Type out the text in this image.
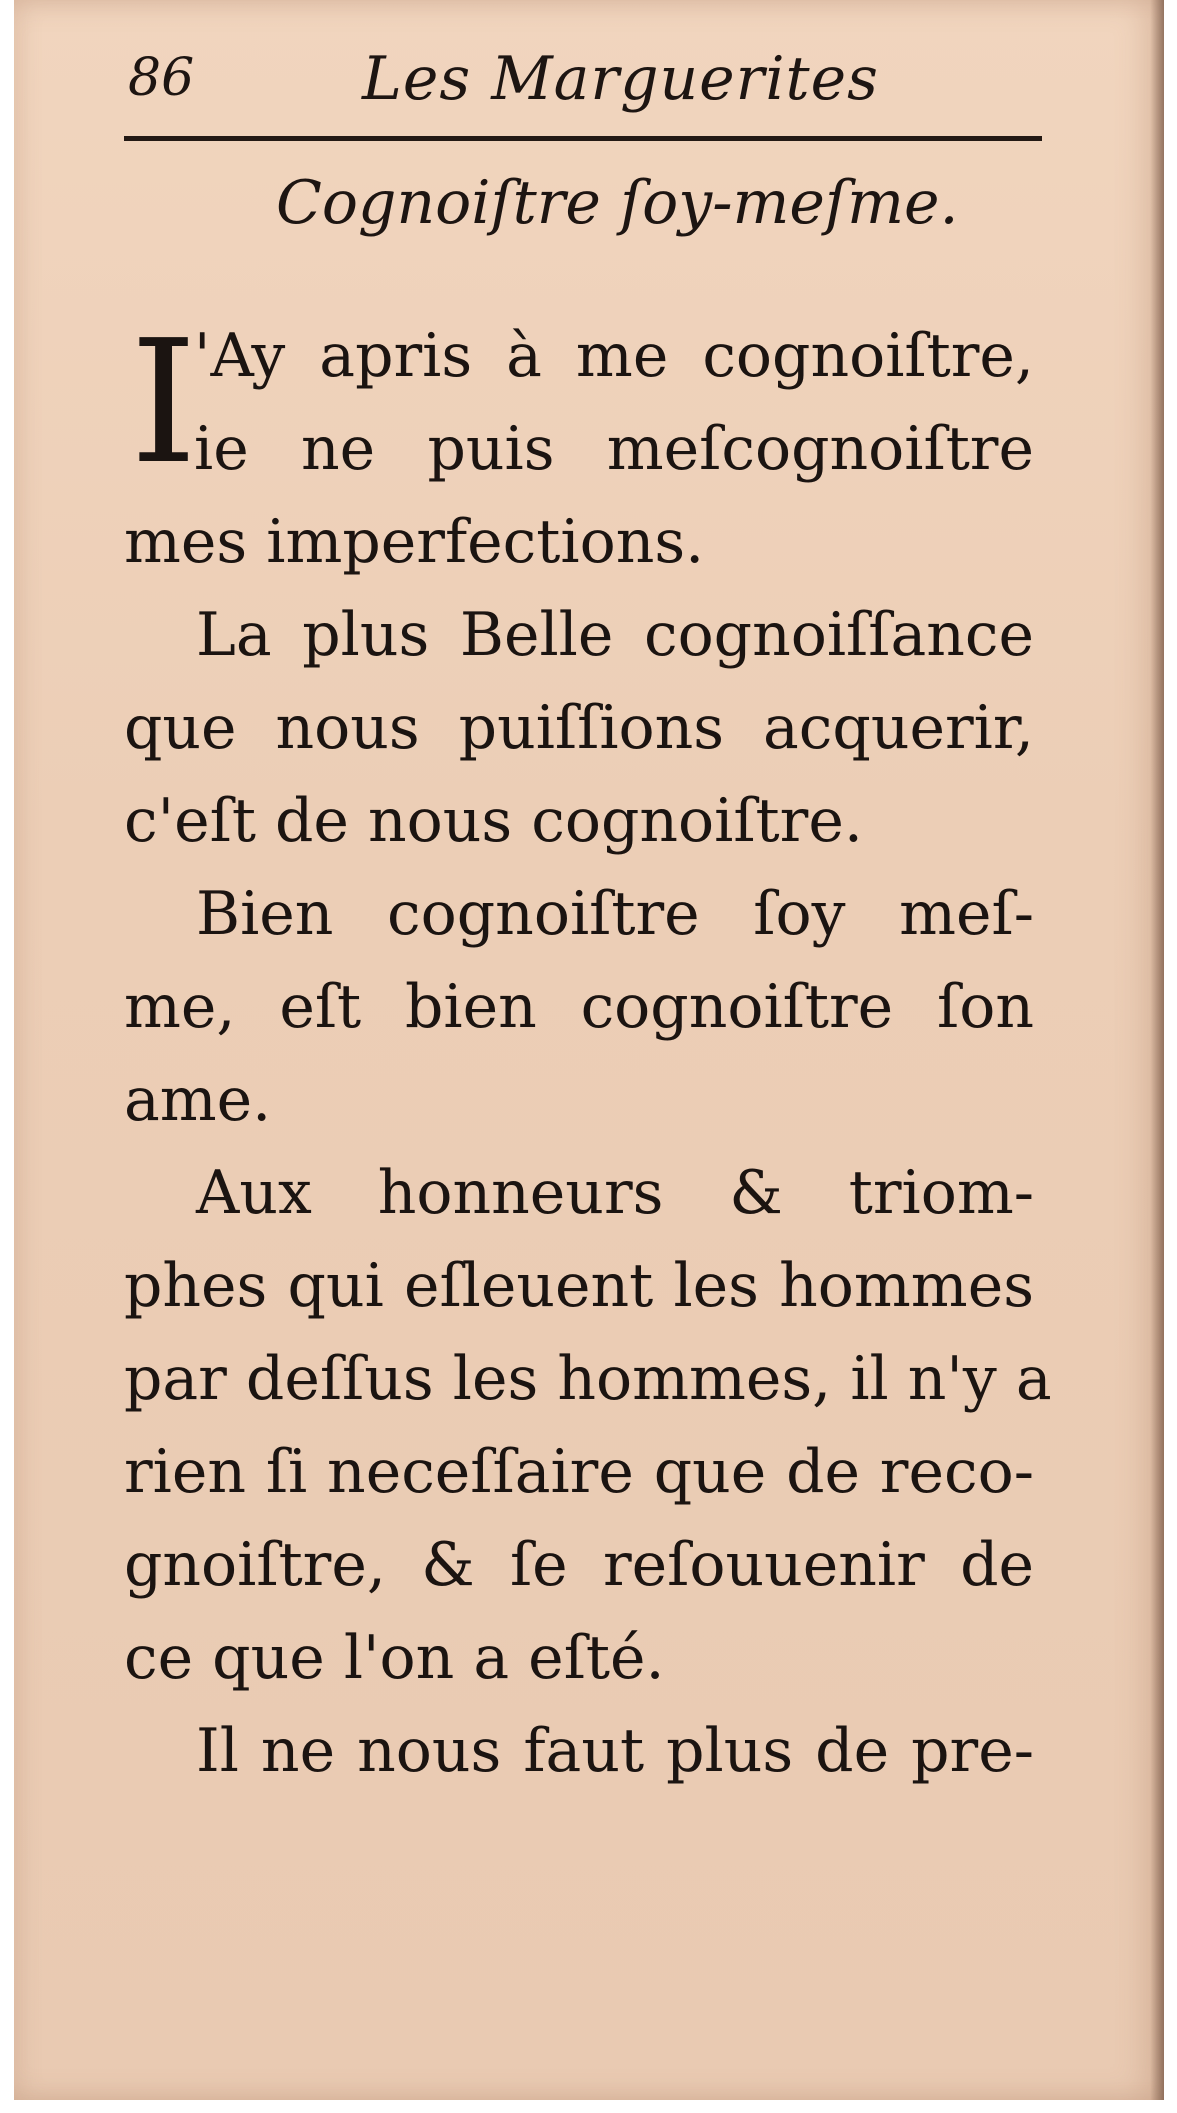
86	Les Marguerites
Cognoiſtre ſoy-meſme.
I
'Ay apris à me cognoiſtre,
ie ne puis meſcognoiſtre
mes imperfections.
La plus Belle cognoiſſance
que nous puiſſions acquerir,
c'eſt de nous cognoiſtre.
Bien cognoiſtre ſoy meſ-
me, eſt bien cognoiſtre ſon
ame.
Aux honneurs & triom-
phes qui eſleuent les hommes
par deſſus les hommes, il n'y a
rien ſi neceſſaire que de reco-
gnoiſtre, & ſe reſouuenir de
ce que l'on a eſté.
Il ne nous faut plus de pre-
